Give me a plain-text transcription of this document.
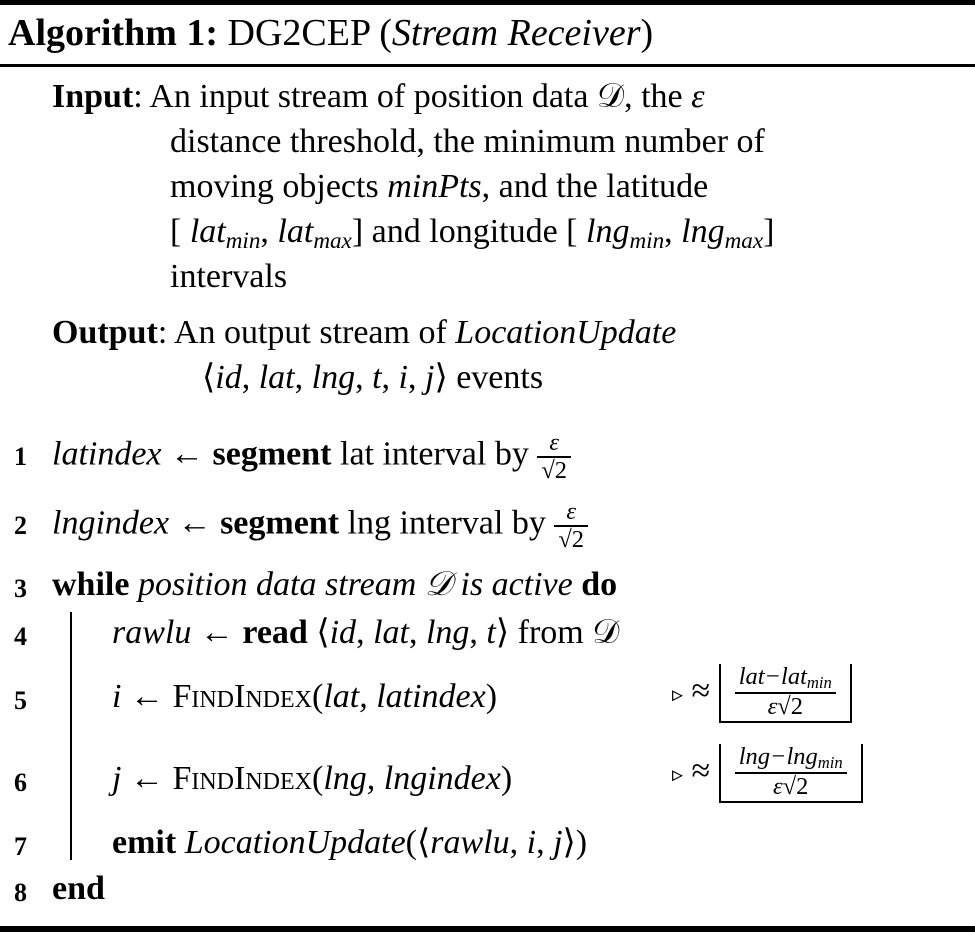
Algorithm 1: DG2CEP (Stream Receiver)
Input: An input stream of position data 𝒟, the ε
distance threshold, the minimum number of
moving objects minPts, and the latitude
[ lat$_{min}$, lat$_{max}$] and longitude [ lng$_{min}$, lng$_{max}$]
intervals
Output: An output stream of LocationUpdate
⟨id, lat, lng, t, i, j⟩ events
1 latindex ← segment lat interval by $\frac{\varepsilon}{√2}$
2 lngindex ← segment lng interval by $\frac{\varepsilon}{√2}$
3 while position data stream 𝒟 is active do
4	rawlu ← read ⟨id, lat, lng, t⟩ from 𝒟
5	i ← FindIndex(lat, latindex)	▹ ≈ $\frac{lat-lat_{min}}{\varepsilon√2}$
6	j ← FindIndex(lng, lngindex)	▹ ≈ $\frac{\ln g-\ln g_{min}}{\varepsilon√2}$
7	emit LocationUpdate(⟨rawlu, i, j⟩)
8 end
